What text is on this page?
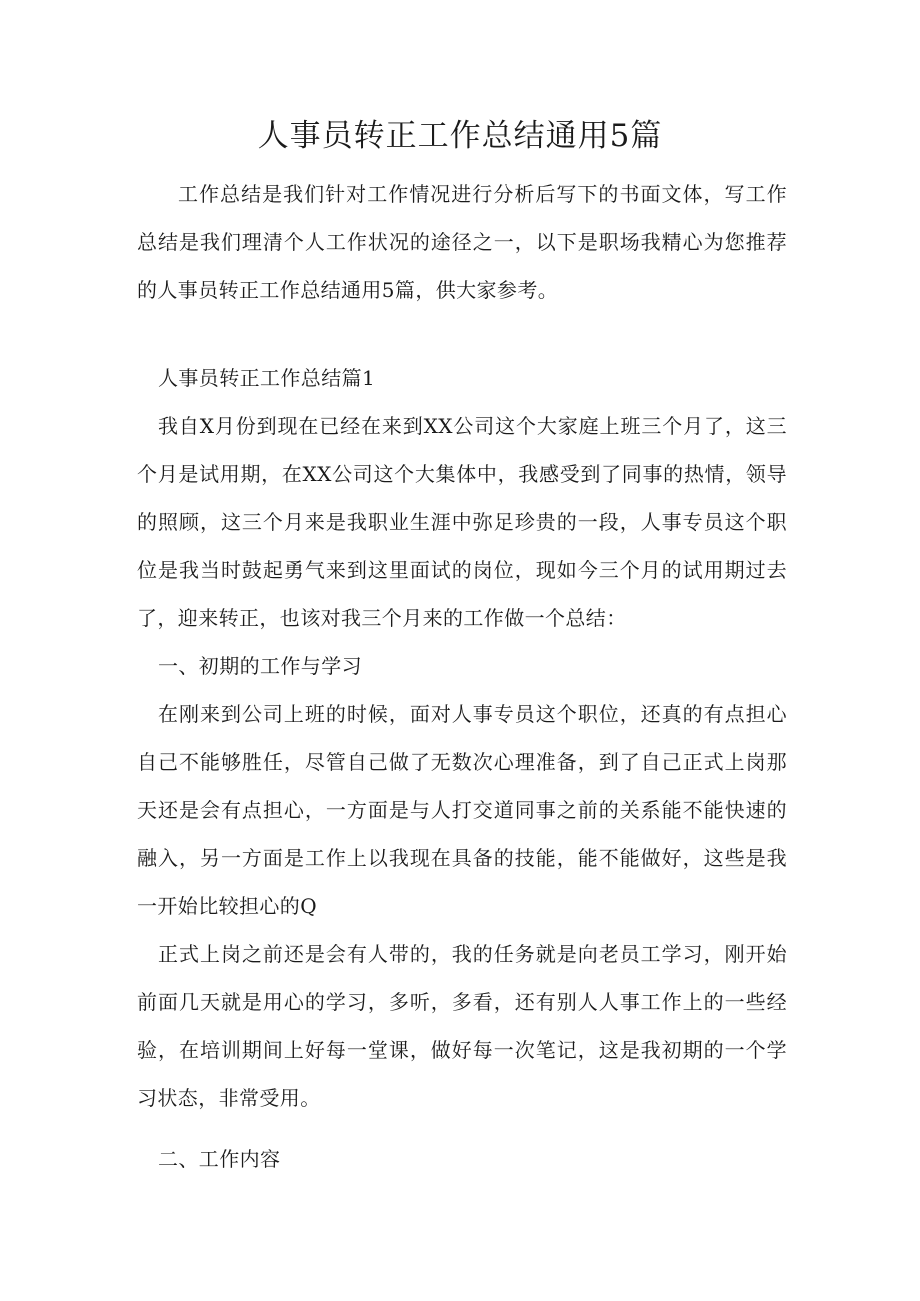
人事员转正工作总结通用5篇

工作总结是我们针对工作情况进行分析后写下的书面文体，写工作总结是我们理清个人工作状况的途径之一，以下是职场我精心为您推荐的人事员转正工作总结通用5篇，供大家参考。

人事员转正工作总结篇1

我自X月份到现在已经在来到XX公司这个大家庭上班三个月了，这三个月是试用期，在XX公司这个大集体中，我感受到了同事的热情，领导的照顾，这三个月来是我职业生涯中弥足珍贵的一段，人事专员这个职位是我当时鼓起勇气来到这里面试的岗位，现如今三个月的试用期过去了，迎来转正，也该对我三个月来的工作做一个总结：

一、初期的工作与学习

在刚来到公司上班的时候，面对人事专员这个职位，还真的有点担心自己不能够胜任，尽管自己做了无数次心理准备，到了自己正式上岗那天还是会有点担心，一方面是与人打交道同事之前的关系能不能快速的融入，另一方面是工作上以我现在具备的技能，能不能做好，这些是我一开始比较担心的Q

正式上岗之前还是会有人带的，我的任务就是向老员工学习，刚开始前面几天就是用心的学习，多听，多看，还有别人人事工作上的一些经验，在培训期间上好每一堂课，做好每一次笔记，这是我初期的一个学习状态，非常受用。

二、工作内容
